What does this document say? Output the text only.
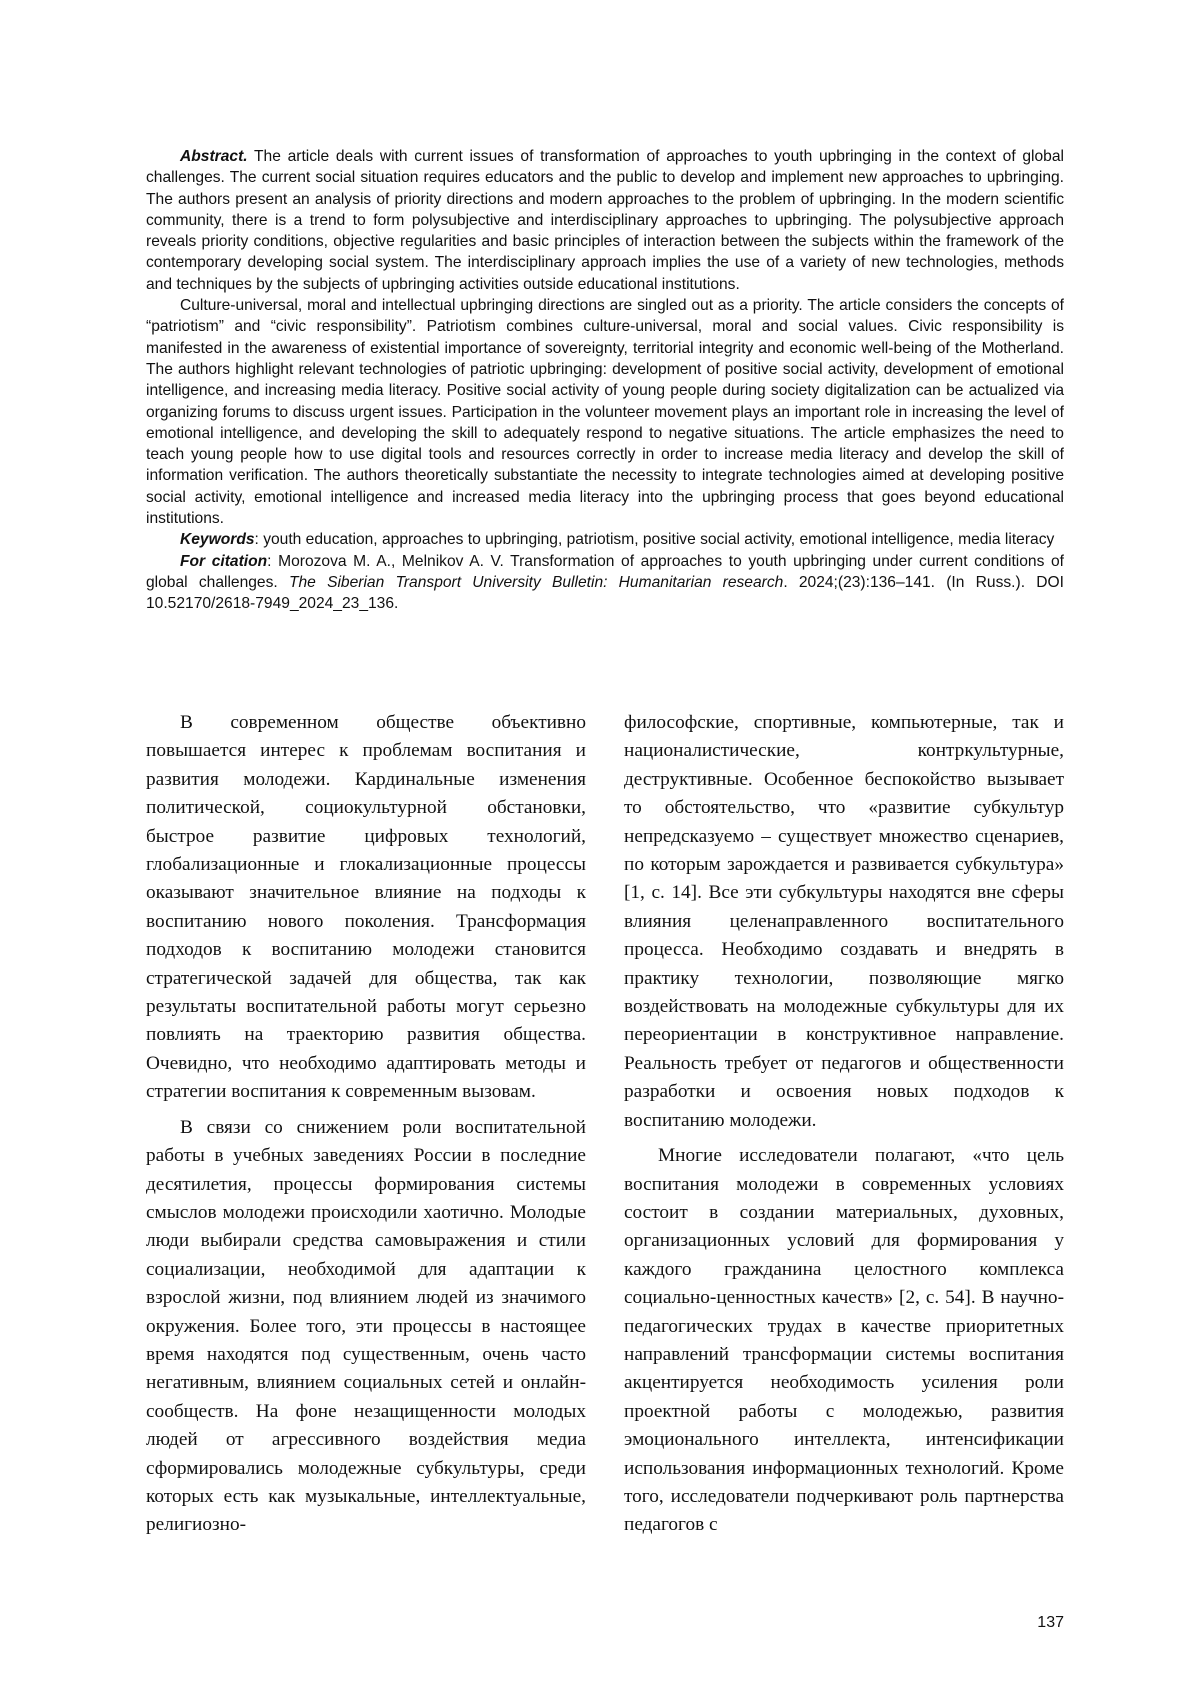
Abstract. The article deals with current issues of transformation of approaches to youth upbringing in the context of global challenges. The current social situation requires educators and the public to develop and implement new approaches to upbringing. The authors present an analysis of priority directions and modern approaches to the problem of upbringing. In the modern scientific community, there is a trend to form polysubjective and interdisciplinary approaches to upbringing. The polysubjective approach reveals priority conditions, objective regularities and basic principles of interaction between the subjects within the framework of the contemporary developing social system. The interdisciplinary approach implies the use of a variety of new technologies, methods and techniques by the subjects of upbringing activities outside educational institutions.

Culture-universal, moral and intellectual upbringing directions are singled out as a priority. The article considers the concepts of “patriotism” and “civic responsibility”. Patriotism combines culture-universal, moral and social values. Civic responsibility is manifested in the awareness of existential importance of sovereignty, territorial integrity and economic well-being of the Motherland. The authors highlight relevant technologies of patriotic upbringing: development of positive social activity, development of emotional intelligence, and increasing media literacy. Positive social activity of young people during society digitalization can be actualized via organizing forums to discuss urgent issues. Participation in the volunteer movement plays an important role in increasing the level of emotional intelligence, and developing the skill to adequately respond to negative situations. The article emphasizes the need to teach young people how to use digital tools and resources correctly in order to increase media literacy and develop the skill of information verification. The authors theoretically substantiate the necessity to integrate technologies aimed at developing positive social activity, emotional intelligence and increased media literacy into the upbringing process that goes beyond educational institutions.

Keywords: youth education, approaches to upbringing, patriotism, positive social activity, emotional intelligence, media literacy

For citation: Morozova M. A., Melnikov A. V. Transformation of approaches to youth upbringing under current conditions of global challenges. The Siberian Transport University Bulletin: Humanitarian research. 2024;(23):136–141. (In Russ.). DOI 10.52170/2618-7949_2024_23_136.

В современном обществе объективно повышается интерес к проблемам воспитания и развития молодежи. Кардинальные изменения политической, социокультурной обстановки, быстрое развитие цифровых технологий, глобализационные и глокализационные процессы оказывают значительное влияние на подходы к воспитанию нового поколения. Трансформация подходов к воспитанию молодежи становится стратегической задачей для общества, так как результаты воспитательной работы могут серьезно повлиять на траекторию развития общества. Очевидно, что необходимо адаптировать методы и стратегии воспитания к современным вызовам.

В связи со снижением роли воспитательной работы в учебных заведениях России в последние десятилетия, процессы формирования системы смыслов молодежи происходили хаотично. Молодые люди выбирали средства самовыражения и стили социализации, необходимой для адаптации к взрослой жизни, под влиянием людей из значимого окружения. Более того, эти процессы в настоящее время находятся под существенным, очень часто негативным, влиянием социальных сетей и онлайн-сообществ. На фоне незащищенности молодых людей от агрессивного воздействия медиа сформировались молодежные субкультуры, среди которых есть как музыкальные, интеллектуальные, религиозно-

философские, спортивные, компьютерные, так и националистические, контркультурные, деструктивные. Особенное беспокойство вызывает то обстоятельство, что «развитие субкультур непредсказуемо – существует множество сценариев, по которым зарождается и развивается субкультура» [1, с. 14]. Все эти субкультуры находятся вне сферы влияния целенаправленного воспитательного процесса. Необходимо создавать и внедрять в практику технологии, позволяющие мягко воздействовать на молодежные субкультуры для их переориентации в конструктивное направление. Реальность требует от педагогов и общественности разработки и освоения новых подходов к воспитанию молодежи.

Многие исследователи полагают, «что цель воспитания молодежи в современных условиях состоит в создании материальных, духовных, организационных условий для формирования у каждого гражданина целостного комплекса социально-ценностных качеств» [2, с. 54]. В научно-педагогических трудах в качестве приоритетных направлений трансформации системы воспитания акцентируется необходимость усиления роли проектной работы с молодежью, развития эмоционального интеллекта, интенсификации использования информационных технологий. Кроме того, исследователи подчеркивают роль партнерства педагогов с

137
